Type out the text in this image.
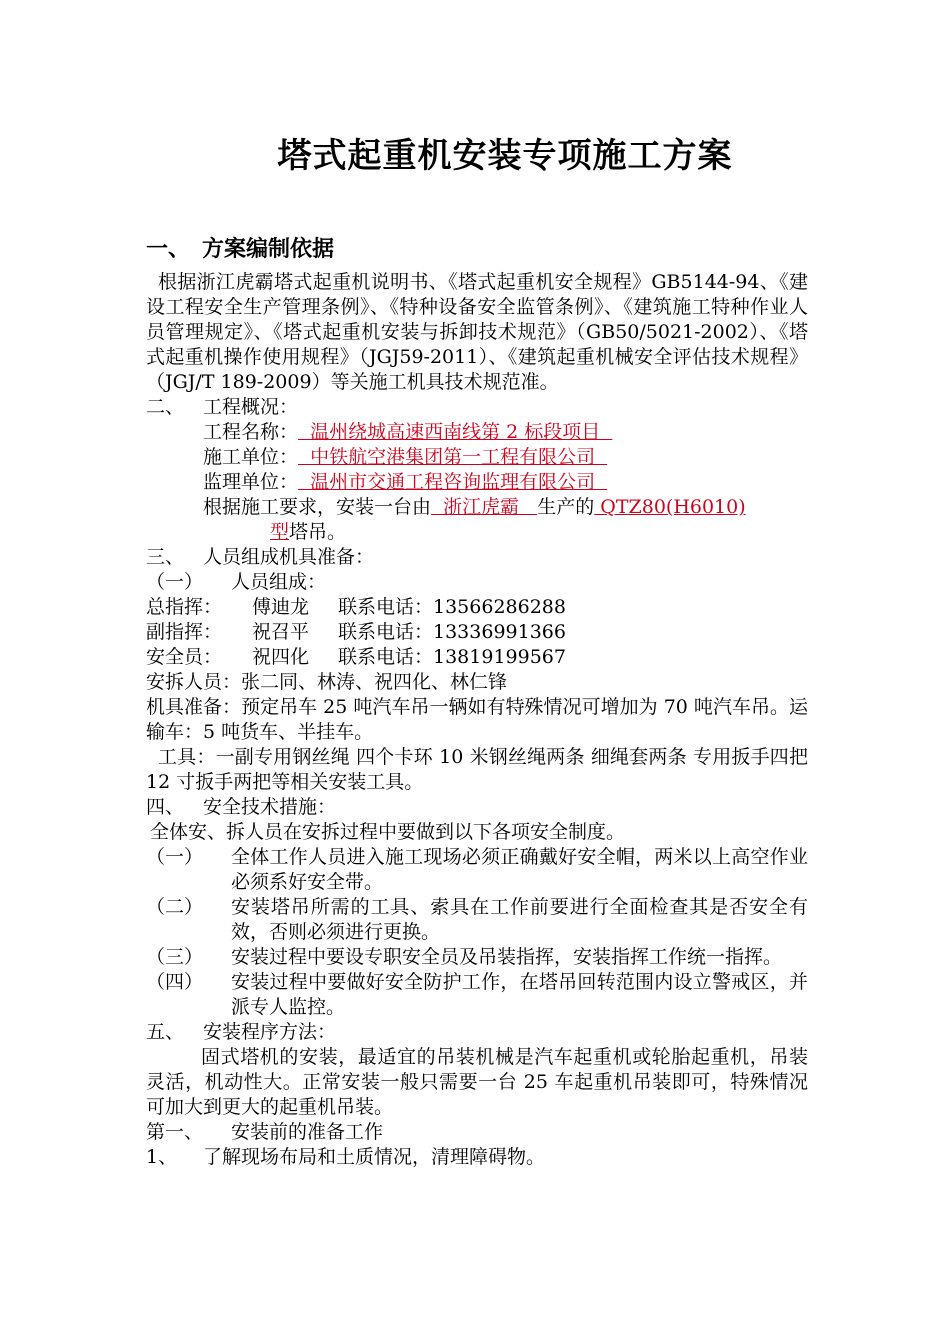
塔式起重机安装专项施工方案
一、 方案编制依据

根据浙江虎霸塔式起重机说明书、《塔式起重机安全规程》GB5144-94、《建设工程安全生产管理条例》、《特种设备安全监管条例》、《建筑施工特种作业人员管理规定》、《塔式起重机安装与拆卸技术规范》（GB50/5021-2002）、《塔式起重机操作使用规程》（JGJ59-2011）、《建筑起重机械安全评估技术规程》（JGJ/T 189-2009）等关施工机具技术规范准。

二、 工程概况：

工程名称：  温州绕城高速西南线第 2 标段项目

施工单位：  中铁航空港集团第一工程有限公司

监理单位：  温州市交通工程咨询监理有限公司

根据施工要求，安装一台由  浙江虎霸   生产的 QTZ80(H6010)

型塔吊。

三、 人员组成机具准备：

（一） 人员组成：

总指挥： 傅迪龙 联系电话：13566286288

副指挥： 祝召平 联系电话：13336991366

安全员： 祝四化 联系电话：13819199567

安拆人员：张二同、林涛、祝四化、林仁锋

机具准备：预定吊车 25 吨汽车吊一辆如有特殊情况可增加为 70 吨汽车吊。运输车：5 吨货车、半挂车。

工具：一副专用钢丝绳 四个卡环 10 米钢丝绳两条 细绳套两条 专用扳手四把 12 寸扳手两把等相关安装工具。

四、 安全技术措施：

全体安、拆人员在安拆过程中要做到以下各项安全制度。

（一）	全体工作人员进入施工现场必须正确戴好安全帽，两米以上高空作业必须系好安全带。
（二）	安装塔吊所需的工具、索具在工作前要进行全面检查其是否安全有效，否则必须进行更换。
（三）	安装过程中要设专职安全员及吊装指挥，安装指挥工作统一指挥。
（四）	安装过程中要做好安全防护工作，在塔吊回转范围内设立警戒区，并派专人监控。

五、 安装程序方法：

固式塔机的安装，最适宜的吊装机械是汽车起重机或轮胎起重机，吊装灵活，机动性大。正常安装一般只需要一台 25 车起重机吊装即可，特殊情况可加大到更大的起重机吊装。

第一、 安装前的准备工作

1、 了解现场布局和土质情况，清理障碍物。
